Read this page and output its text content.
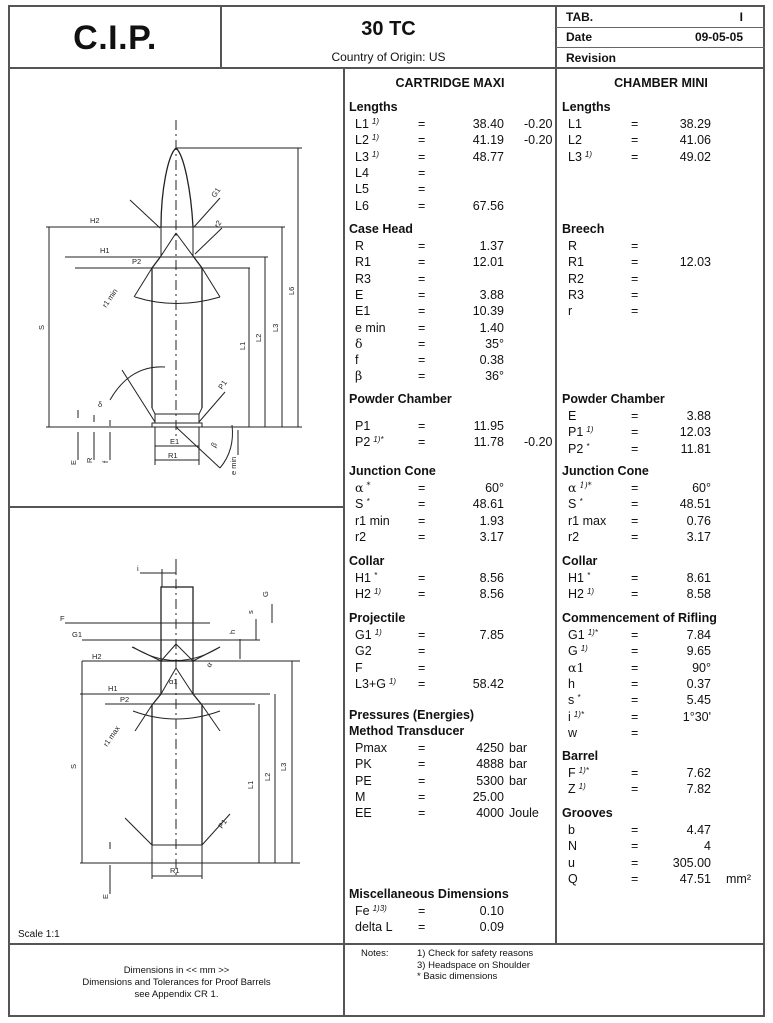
C.I.P.	30 TC
Country of Origin: US
TAB.	I
Date	09-05-05
Revision
CARTRIDGE MAXI	CHAMBER MINI
Lengths
L1 $^{1)}$	=	38.40 -0.20
L2 $^{1)}$	=	41.19 -0.20
L3 $^{1)}$	=	48.77
L4	=
L5	=
L6	=	67.56
Case Head
R	=	1.37
R1	=	12.01
R3	=
E	=	3.88
E1	=	10.39
e min	=	1.40
δ	=	35°
f	=	0.38
β	=	36°
Powder Chamber
P1	=	11.95
P2 $^{1)*}$	=	11.78 -0.20
Junction Cone
α *	=	60°
S *	=	48.61
r1 min =	1.93
r2	=	3.17
Collar
H1 *	=	8.56
H2 $^{1)}$	=	8.56
Projectile
G1 $^{1)}$	=	7.85
G2	=
F	=
L3+G $^{1)}$ =	58.42
Pressures (Energies)
Method Transducer
Pmax =	4250 bar
PK	=	4888 bar
PE	=	5300 bar
M	=	25.00
EE	=	4000 Joule
Miscellaneous Dimensions
Fe $^{1)3)}$ =	0.10
delta L =	0.09
Lengths
L1	=	38.29
L2	=	41.06
L3 $^{1)}$	=	49.02
Breech
R	=
R1	=	12.03
R2	=
R3	=
r	=
Powder Chamber
E	=	3.88
P1 $^{1)}$	=	12.03
P2 *	=	11.81
Junction Cone
α $^{1)*}$	=	60°
S *	=	48.51
r1 max =	0.76
r2	=	3.17
Collar
H1 *	=	8.61
H2 $^{1)}$	=	8.58
Commencement of Rifling
G1 $^{1)*}$	=	7.84
G $^{1)}$	=	9.65
α1	=	90°
h	=	0.37
s *	=	5.45
i $^{1)*}$	=	1°30'
w	=
Barrel
F $^{1)*}$	=	7.62
Z $^{1)}$	=	7.82
Grooves
b	=	4.47
N	=	4
u	=	305.00
Q	=	47.51 mm²
H2
H1
P2
r1 min
S
G1
r2
L6
L3
L2
L1
δ
P1
E R f
E1
R1
β
e min
i
G
s
h
F
G1
H2
α
α1
H1
P2
r1 max
S
L1
L2
L3
P1
R1
E
Scale 1:1
Dimensions in << mm >>
Dimensions and Tolerances for Proof Barrels
see Appendix CR 1.
Notes:	1) Check for safety reasons
3) Headspace on Shoulder
* Basic dimensions
